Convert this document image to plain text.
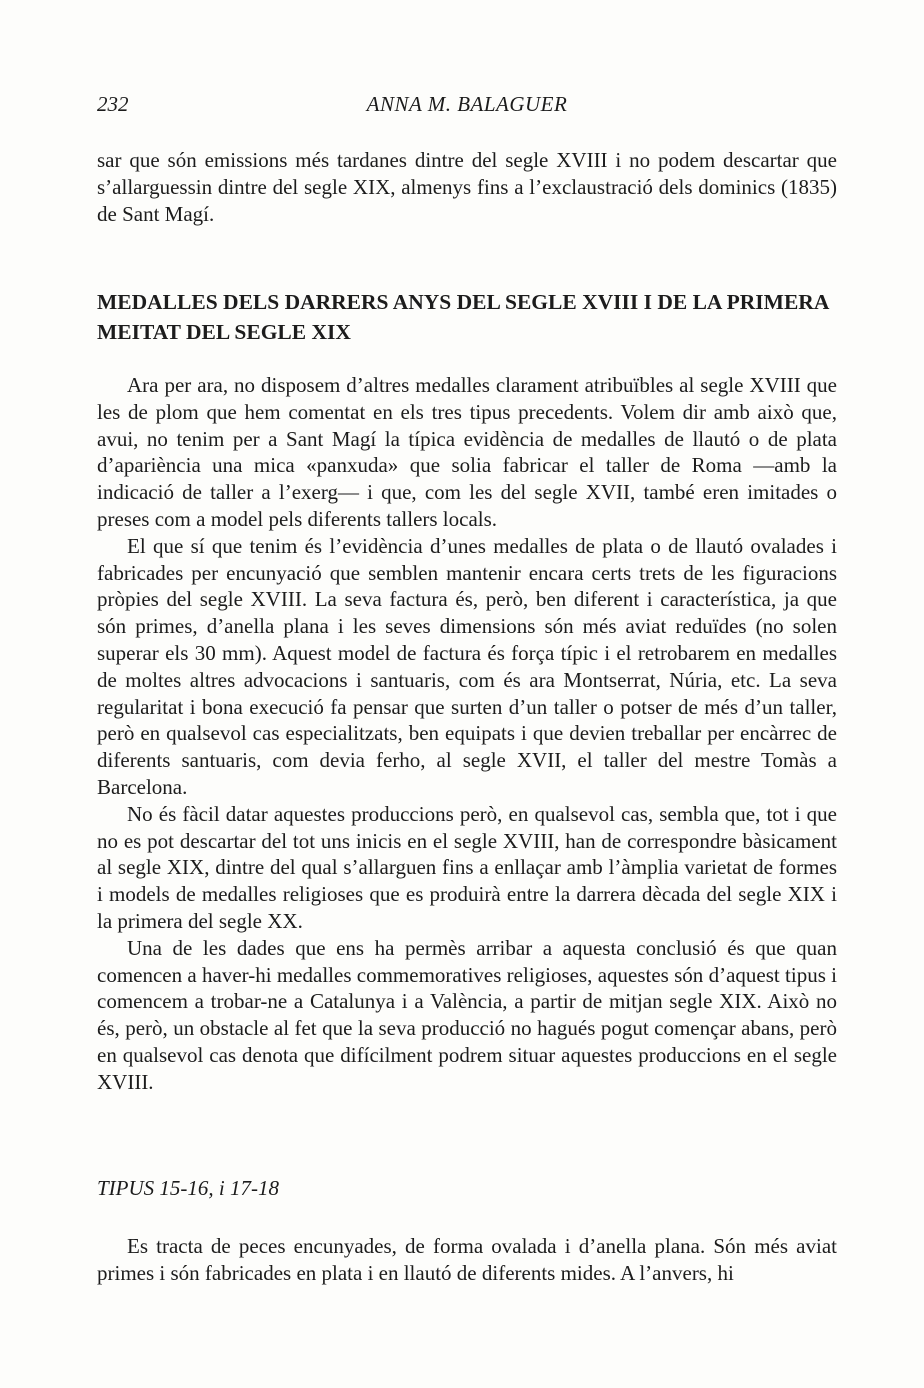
232	ANNA M. BALAGUER

sar que són emissions més tardanes dintre del segle XVIII i no podem descartar que s’allarguessin dintre del segle XIX, almenys fins a l’exclaustració dels dominics (1835) de Sant Magí.

MEDALLES DELS DARRERS ANYS DEL SEGLE XVIII I DE LA PRIMERA MEITAT DEL SEGLE XIX

Ara per ara, no disposem d’altres medalles clarament atribuïbles al segle XVIII que les de plom que hem comentat en els tres tipus precedents. Volem dir amb això que, avui, no tenim per a Sant Magí la típica evidència de medalles de llautó o de plata d’apariència una mica «panxuda» que solia fabricar el taller de Roma —amb la indicació de taller a l’exerg— i que, com les del segle XVII, també eren imitades o preses com a model pels diferents tallers locals.

El que sí que tenim és l’evidència d’unes medalles de plata o de llautó ovalades i fabricades per encunyació que semblen mantenir encara certs trets de les figuracions pròpies del segle XVIII. La seva factura és, però, ben diferent i característica, ja que són primes, d’anella plana i les seves dimensions són més aviat reduïdes (no solen superar els 30 mm). Aquest model de factura és força típic i el retrobarem en medalles de moltes altres advocacions i santuaris, com és ara Montserrat, Núria, etc. La seva regularitat i bona execució fa pensar que surten d’un taller o potser de més d’un taller, però en qualsevol cas especialitzats, ben equipats i que devien treballar per encàrrec de diferents santuaris, com devia ferho, al segle XVII, el taller del mestre Tomàs a Barcelona.

No és fàcil datar aquestes produccions però, en qualsevol cas, sembla que, tot i que no es pot descartar del tot uns inicis en el segle XVIII, han de correspondre bàsicament al segle XIX, dintre del qual s’allarguen fins a enllaçar amb l’àmplia varietat de formes i models de medalles religioses que es produirà entre la darrera dècada del segle XIX i la primera del segle XX.

Una de les dades que ens ha permès arribar a aquesta conclusió és que quan comencen a haver-hi medalles commemoratives religioses, aquestes són d’aquest tipus i comencem a trobar-ne a Catalunya i a València, a partir de mitjan segle XIX. Això no és, però, un obstacle al fet que la seva producció no hagués pogut començar abans, però en qualsevol cas denota que difícilment podrem situar aquestes produccions en el segle XVIII.

TIPUS 15-16, i 17-18

Es tracta de peces encunyades, de forma ovalada i d’anella plana. Són més aviat primes i són fabricades en plata i en llautó de diferents mides. A l’anvers, hi
